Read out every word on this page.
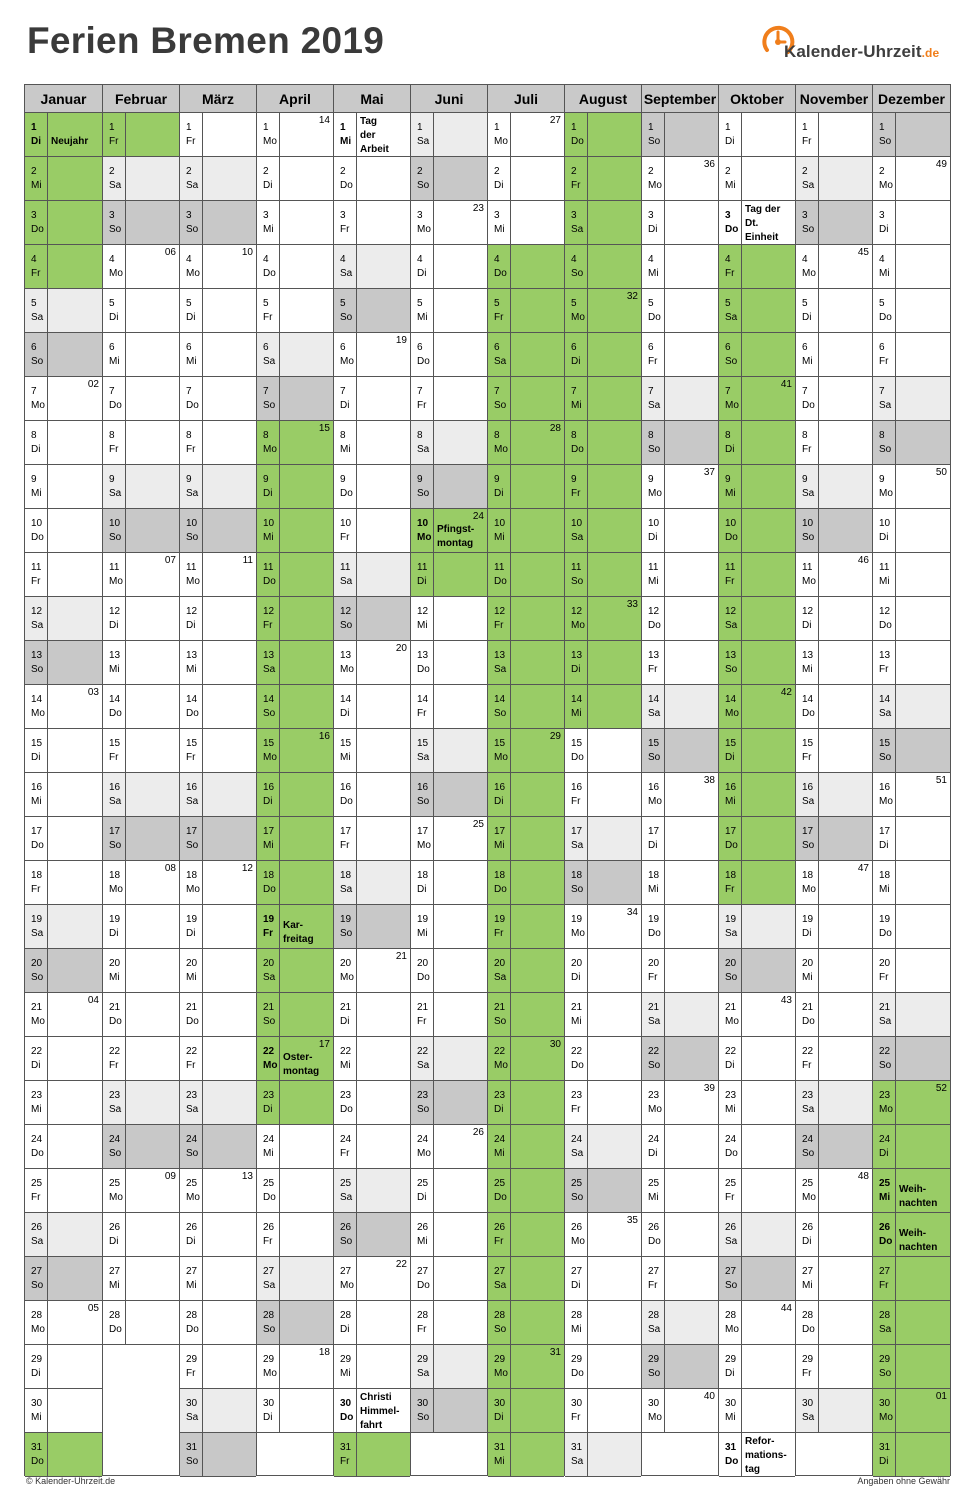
Ferien Bremen 2019	Kalender-Uhrzeit.de
Januar
1
Di Neujahr
2
Mi
3
Do
4
Fr
5
Sa
6
So
7
Mo
02
8
Di
9
Mi
10
Do
11
Fr
12
Sa
13
So
14
Mo
03
15
Di
16
Mi
17
Do
18
Fr
19
Sa
20
So
21
Mo
04
22
Di
23
Mi
24
Do
25
Fr
26
Sa
27
So
28
Mo
05
29
Di
30
Mi
31
Do
Februar
1
Fr
2
Sa
3
So
4
Mo
06
5
Di
6
Mi
7
Do
8
Fr
9
Sa
10
So
11
Mo
07
12
Di
13
Mi
14
Do
15
Fr
16
Sa
17
So
18
Mo
08
19
Di
20
Mi
21
Do
22
Fr
23
Sa
24
So
25
Mo
09
26
Di
27
Mi
28
Do
März
1
Fr
2
Sa
3
So
4
Mo
10
5
Di
6
Mi
7
Do
8
Fr
9
Sa
10
So
11
Mo
11
12
Di
13
Mi
14
Do
15
Fr
16
Sa
17
So
18
Mo
12
19
Di
20
Mi
21
Do
22
Fr
23
Sa
24
So
25
Mo
13
26
Di
27
Mi
28
Do
29
Fr
30
Sa
31
So
April
1
Mo
14
2
Di
3
Mi
4
Do
5
Fr
6
Sa
7
So
8
Mo
15
9
Di
10
Mi
11
Do
12
Fr
13
Sa
14
So
15
Mo
16
16
Di
17
Mi
18
Do
19
Fr
Kar-
freitag
20
Sa
21
So
22
Mo
17
Oster-
montag
23
Di
24
Mi
25
Do
26
Fr
27
Sa
28
So
29
Mo
18
30
Di
Mai
1
Mi
Tag
der
Arbeit
2
Do
3
Fr
4
Sa
5
So
6
Mo
19
7
Di
8
Mi
9
Do
10
Fr
11
Sa
12
So
13
Mo
20
14
Di
15
Mi
16
Do
17
Fr
18
Sa
19
So
20
Mo
21
21
Di
22
Mi
23
Do
24
Fr
25
Sa
26
So
27
Mo
22
28
Di
29
Mi
30
Do
Christi
Himmel-
fahrt
31
Fr
Juni
1
Sa
2
So
3
Mo
23
4
Di
5
Mi
6
Do
7
Fr
8
Sa
9
So
10
Mo
24
Pfingst-
montag
11
Di
12
Mi
13
Do
14
Fr
15
Sa
16
So
17
Mo
25
18
Di
19
Mi
20
Do
21
Fr
22
Sa
23
So
24
Mo
26
25
Di
26
Mi
27
Do
28
Fr
29
Sa
30
So
Juli
1
Mo
27
2
Di
3
Mi
4
Do
5
Fr
6
Sa
7
So
8
Mo
28
9
Di
10
Mi
11
Do
12
Fr
13
Sa
14
So
15
Mo
29
16
Di
17
Mi
18
Do
19
Fr
20
Sa
21
So
22
Mo
30
23
Di
24
Mi
25
Do
26
Fr
27
Sa
28
So
29
Mo
31
30
Di
31
Mi
August
1
Do
2
Fr
3
Sa
4
So
5
Mo
32
6
Di
7
Mi
8
Do
9
Fr
10
Sa
11
So
12
Mo
33
13
Di
14
Mi
15
Do
16
Fr
17
Sa
18
So
19
Mo
34
20
Di
21
Mi
22
Do
23
Fr
24
Sa
25
So
26
Mo
35
27
Di
28
Mi
29
Do
30
Fr
31
Sa
September
1
So
2
Mo
36
3
Di
4
Mi
5
Do
6
Fr
7
Sa
8
So
9
Mo
37
10
Di
11
Mi
12
Do
13
Fr
14
Sa
15
So
16
Mo
38
17
Di
18
Mi
19
Do
20
Fr
21
Sa
22
So
23
Mo
39
24
Di
25
Mi
26
Do
27
Fr
28
Sa
29
So
30
Mo
40
Oktober
1
Di
2
Mi
3
Do
Tag der
Dt.
Einheit
4
Fr
5
Sa
6
So
7
Mo
41
8
Di
9
Mi
10
Do
11
Fr
12
Sa
13
So
14
Mo
42
15
Di
16
Mi
17
Do
18
Fr
19
Sa
20
So
21
Mo
43
22
Di
23
Mi
24
Do
25
Fr
26
Sa
27
So
28
Mo
44
29
Di
30
Mi
31
Do
Refor-
mations-
tag
November
1
Fr
2
Sa
3
So
4
Mo
45
5
Di
6
Mi
7
Do
8
Fr
9
Sa
10
So
11
Mo
46
12
Di
13
Mi
14
Do
15
Fr
16
Sa
17
So
18
Mo
47
19
Di
20
Mi
21
Do
22
Fr
23
Sa
24
So
25
Mo
48
26
Di
27
Mi
28
Do
29
Fr
30
Sa
Dezember
1
So
2
Mo
49
3
Di
4
Mi
5
Do
6
Fr
7
Sa
8
So
9
Mo
50
10
Di
11
Mi
12
Do
13
Fr
14
Sa
15
So
16
Mo
51
17
Di
18
Mi
19
Do
20
Fr
21
Sa
22
So
23
Mo
52
24
Di
25
Mi
Weih-
nachten
26
Do
Weih-
nachten
27
Fr
28
Sa
29
So
30
Mo
01
31
Di
© Kalender-Uhrzeit.de	Angaben ohne Gewähr
